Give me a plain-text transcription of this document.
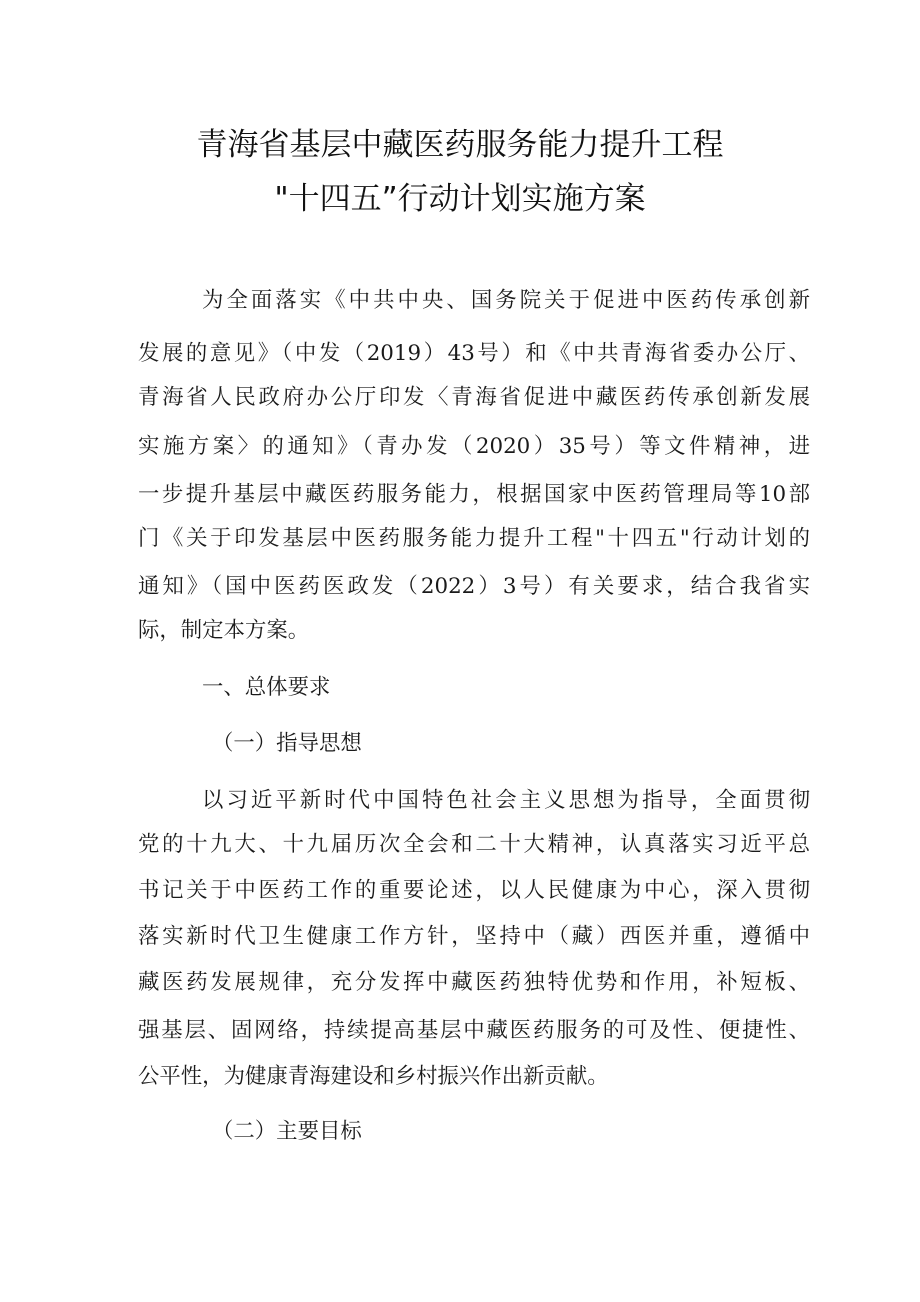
青海省基层中藏医药服务能力提升工程
"十四五”行动计划实施方案
为全面落实《中共中央、国务院关于促进中医药传承创新
发展的意见》（中发（2019）43号）和《中共青海省委办公厅、
青海省人民政府办公厅印发〈青海省促进中藏医药传承创新发展
实施方案〉的通知》（青办发（2020）35号）等文件精神，进
一步提升基层中藏医药服务能力，根据国家中医药管理局等10部
门《关于印发基层中医药服务能力提升工程"十四五"行动计划的
通知》（国中医药医政发（2022）3号）有关要求，结合我省实
际，制定本方案。
一、总体要求
（一）指导思想
以习近平新时代中国特色社会主义思想为指导，全面贯彻
党的十九大、十九届历次全会和二十大精神，认真落实习近平总
书记关于中医药工作的重要论述，以人民健康为中心，深入贯彻
落实新时代卫生健康工作方针，坚持中（藏）西医并重，遵循中
藏医药发展规律，充分发挥中藏医药独特优势和作用，补短板、
强基层、固网络，持续提高基层中藏医药服务的可及性、便捷性、
公平性，为健康青海建设和乡村振兴作出新贡献。
（二）主要目标
